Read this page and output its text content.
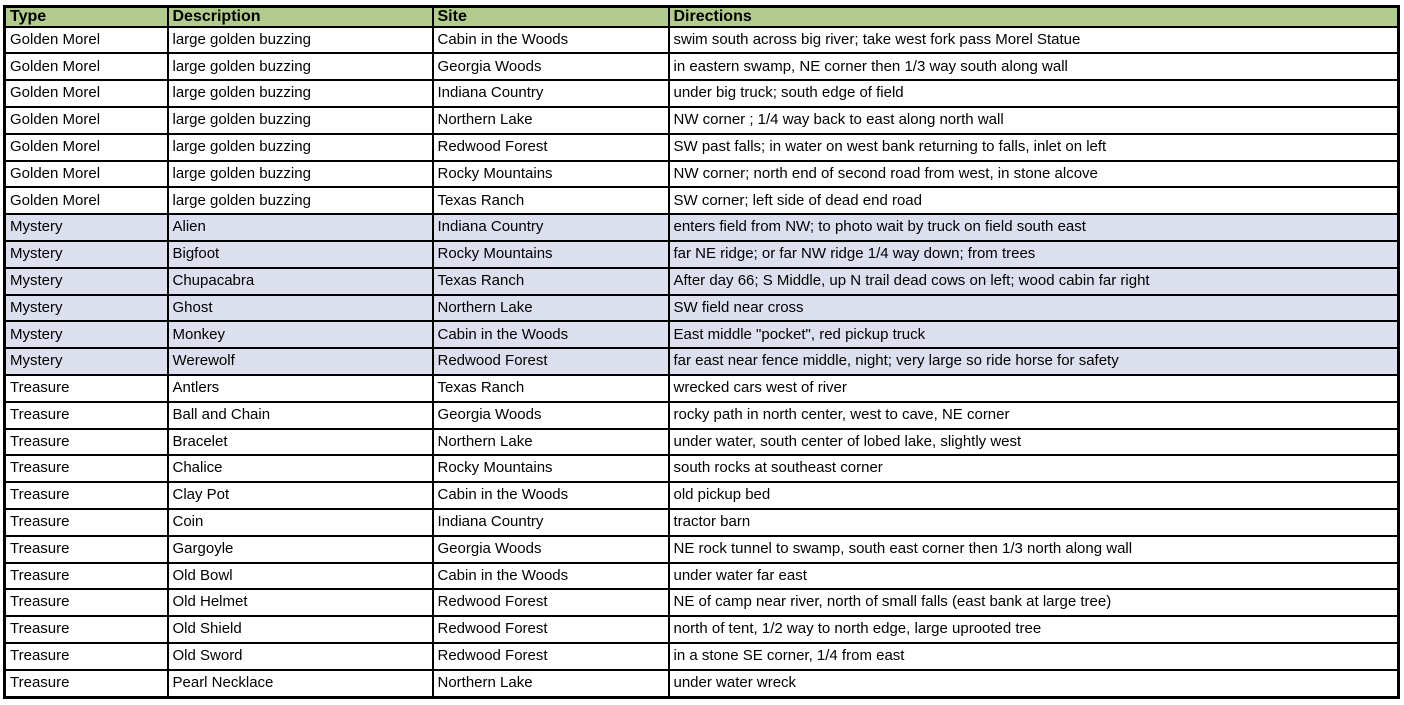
Type	Description	Site	Directions
Golden Morel	large golden buzzing	Cabin in the Woods	swim south across big river; take west fork pass Morel Statue
Golden Morel	large golden buzzing	Georgia Woods	in eastern swamp, NE corner then 1/3 way south along wall
Golden Morel	large golden buzzing	Indiana Country	under big truck; south edge of field
Golden Morel	large golden buzzing	Northern Lake	NW corner ; 1/4 way back to east along north wall
Golden Morel	large golden buzzing	Redwood Forest	SW past falls; in water on west bank returning to falls, inlet on left
Golden Morel	large golden buzzing	Rocky Mountains	NW corner; north end of second road from west, in stone alcove
Golden Morel	large golden buzzing	Texas Ranch	SW corner; left side of dead end road
Mystery	Alien	Indiana Country	enters field from NW; to photo wait by truck on field south east
Mystery	Bigfoot	Rocky Mountains	far NE ridge; or far NW ridge 1/4 way down; from trees
Mystery	Chupacabra	Texas Ranch	After day 66; S Middle, up N trail dead cows on left; wood cabin far right
Mystery	Ghost	Northern Lake	SW field near cross
Mystery	Monkey	Cabin in the Woods	East middle "pocket", red pickup truck
Mystery	Werewolf	Redwood Forest	far east near fence middle, night; very large so ride horse for safety
Treasure	Antlers	Texas Ranch	wrecked cars west of river
Treasure	Ball and Chain	Georgia Woods	rocky path in north center, west to cave, NE corner
Treasure	Bracelet	Northern Lake	under water, south center of lobed lake, slightly west
Treasure	Chalice	Rocky Mountains	south rocks at southeast corner
Treasure	Clay Pot	Cabin in the Woods	old pickup bed
Treasure	Coin	Indiana Country	tractor barn
Treasure	Gargoyle	Georgia Woods	NE rock tunnel to swamp, south east corner then 1/3 north along wall
Treasure	Old Bowl	Cabin in the Woods	under water far east
Treasure	Old Helmet	Redwood Forest	NE of camp near river, north of small falls (east bank at large tree)
Treasure	Old Shield	Redwood Forest	north of tent, 1/2 way to north edge, large uprooted tree
Treasure	Old Sword	Redwood Forest	in a stone SE corner, 1/4 from east
Treasure	Pearl Necklace	Northern Lake	under water wreck
